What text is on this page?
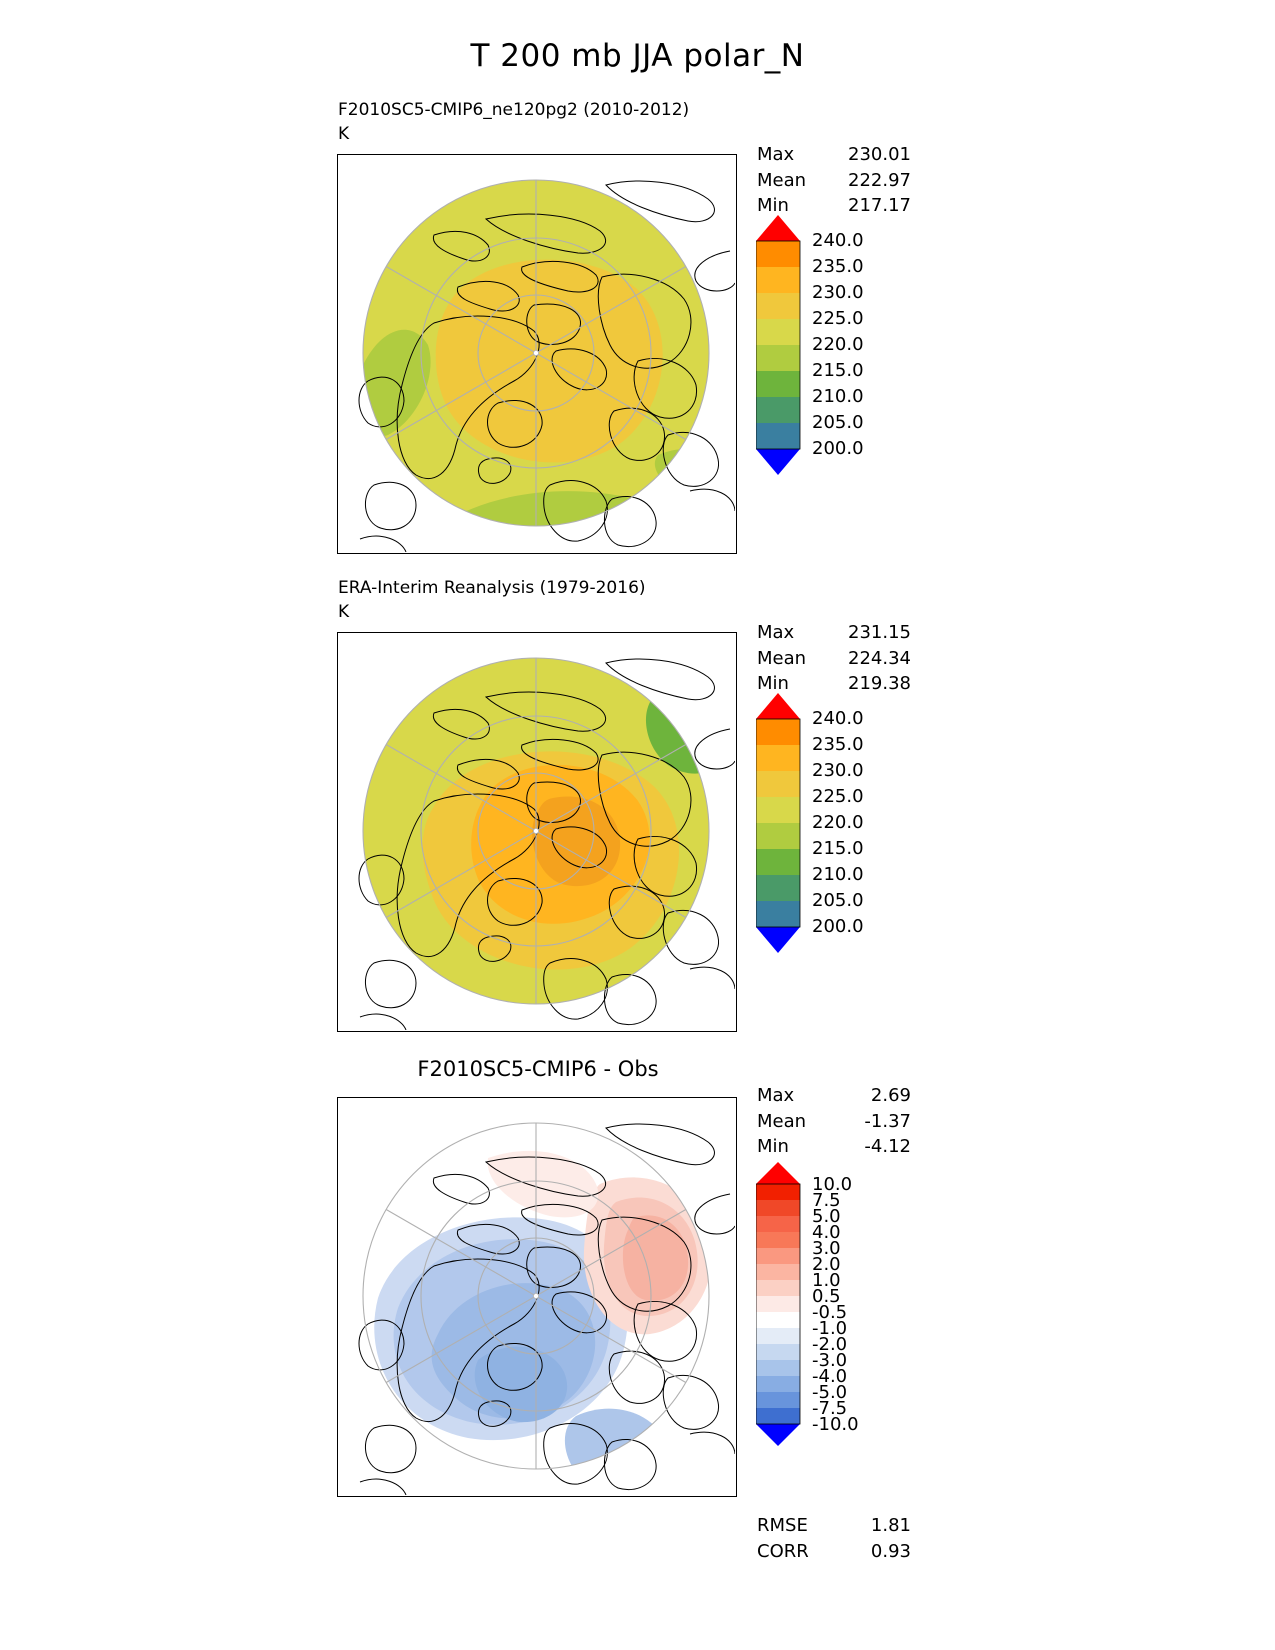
T 200 mb JJA polar_N
F2010SC5-CMIP6_ne120pg2 (2010-2012)
K
Max	230.01
Mean	222.97
Min	217.17
240.0
235.0
230.0
225.0
220.0
215.0
210.0
205.0
200.0
ERA-Interim Reanalysis (1979-2016)
K
Max	231.15
Mean	224.34
Min	219.38
240.0
235.0
230.0
225.0
220.0
215.0
210.0
205.0
200.0
F2010SC5-CMIP6 - Obs
Max	2.69
Mean	-1.37
Min	-4.12
10.0
7.5
5.0
4.0
3.0
2.0
1.0
0.5
-0.5
-1.0
-2.0
-3.0
-4.0
-5.0
-7.5
-10.0
RMSE	1.81
CORR	0.93
